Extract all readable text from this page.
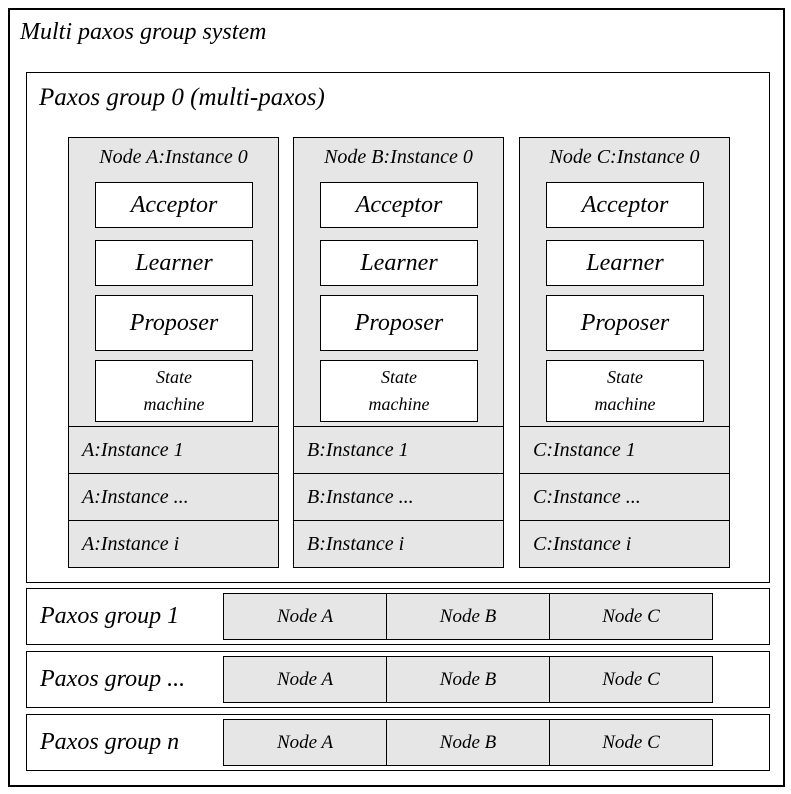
Multi paxos group system
Paxos group 0 (multi-paxos)
Node A:Instance 0
Acceptor
Learner
Proposer
State
machine
A:Instance 1
A:Instance ...
A:Instance i
Node B:Instance 0
Acceptor
Learner
Proposer
State
machine
B:Instance 1
B:Instance ...
B:Instance i
Node C:Instance 0
Acceptor
Learner
Proposer
State
machine
C:Instance 1
C:Instance ...
C:Instance i
Paxos group 1	Node A	Node B	Node C
Paxos group ...	Node A	Node B	Node C
Paxos group n	Node A	Node B	Node C
